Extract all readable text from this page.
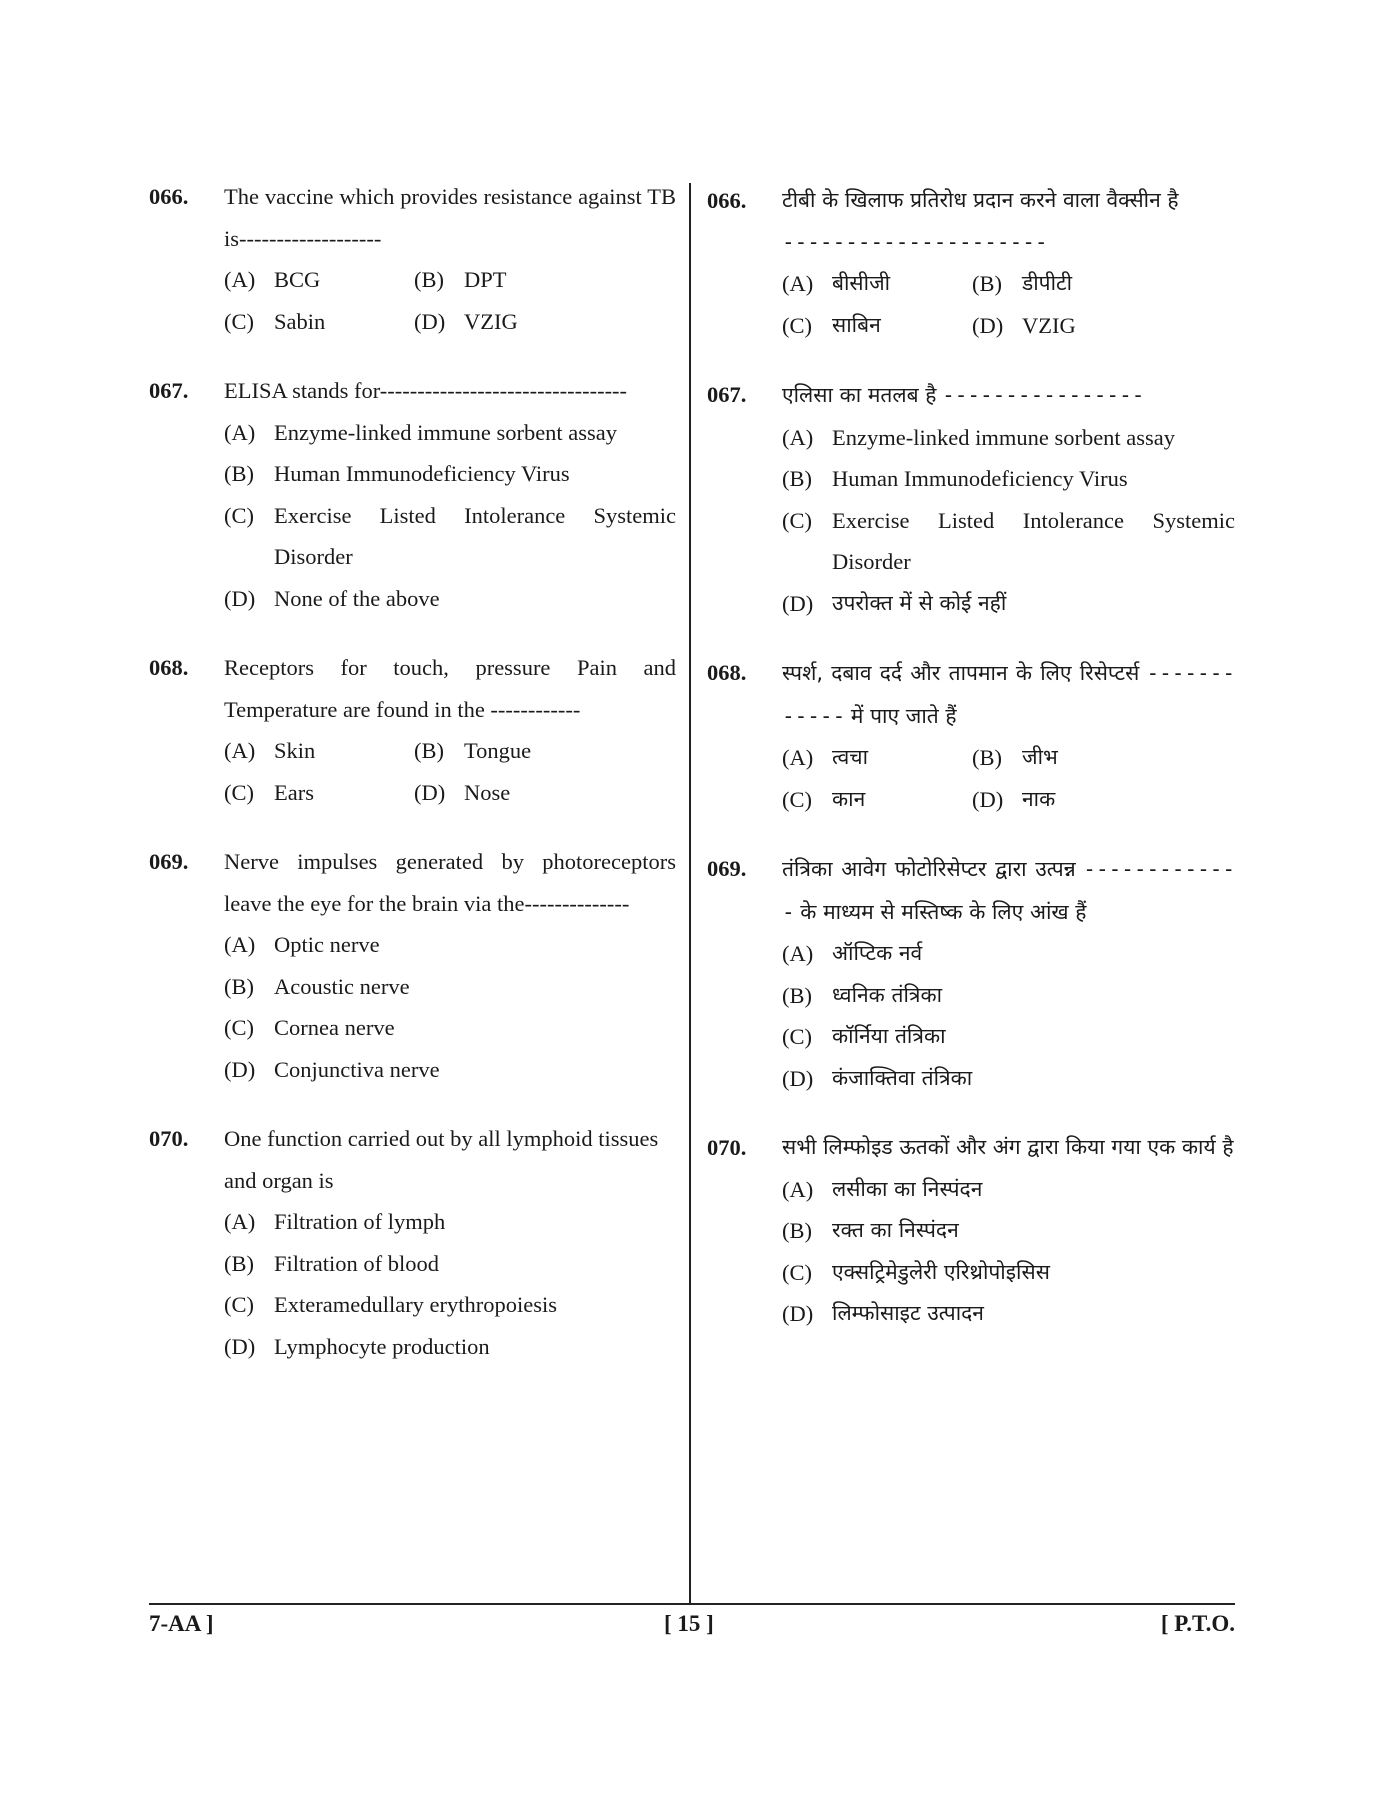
066. The vaccine which provides resistance against TB is-------------------
(A) BCG	(B) DPT
(C) Sabin	(D) VZIG
067. ELISA stands for---------------------------------
(A) Enzyme-linked immune sorbent assay
(B) Human Immunodeficiency Virus
(C) Exercise Listed Intolerance Systemic Disorder
(D) None of the above
068. Receptors for touch, pressure Pain and Temperature are found in the ------------
(A) Skin	(B) Tongue
(C) Ears	(D) Nose
069. Nerve impulses generated by photoreceptors leave the eye for the brain via the--------------
(A) Optic nerve
(B) Acoustic nerve
(C) Cornea nerve
(D) Conjunctiva nerve
070. One function carried out by all lymphoid tissues and organ is
(A) Filtration of lymph
(B) Filtration of blood
(C) Exteramedullary erythropoiesis
(D) Lymphocyte production
066. टीबी के खिलाफ प्रतिरोध प्रदान करने वाला वैक्सीन है
---------------------
(A) बीसीजी	(B) डीपीटी
(C) साबिन	(D) VZIG
067. एलिसा का मतलब है ----------------
(A) Enzyme-linked immune sorbent assay
(B) Human Immunodeficiency Virus
(C) Exercise Listed Intolerance Systemic Disorder
(D) उपरोक्त में से कोई नहीं
068. स्पर्श, दबाव दर्द और तापमान के लिए रिसेप्टर्स ------------ में पाए जाते हैं
(A) त्वचा	(B) जीभ
(C) कान	(D) नाक
069. तंत्रिका आवेग फोटोरिसेप्टर द्वारा उत्पन्न ------------- के माध्यम से मस्तिष्क के लिए आंख हैं
(A) ऑप्टिक नर्व
(B) ध्वनिक तंत्रिका
(C) कॉर्निया तंत्रिका
(D) कंजाक्तिवा तंत्रिका
070. सभी लिम्फोइड ऊतकों और अंग द्वारा किया गया एक कार्य है
(A) लसीका का निस्पंदन
(B) रक्त का निस्पंदन
(C) एक्सट्रिमेडुलेरी एरिथ्रोपोइसिस
(D) लिम्फोसाइट उत्पादन
7-AA ]	[ 15 ]	[ P.T.O.
